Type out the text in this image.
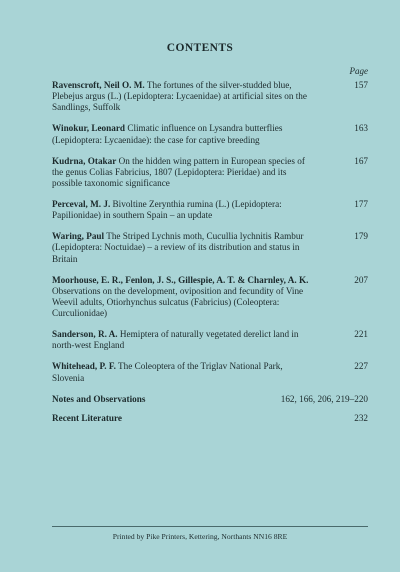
CONTENTS
Page
Ravenscroft, Neil O. M. The fortunes of the silver-studded blue, Plebejus argus (L.) (Lepidoptera: Lycaenidae) at artificial sites on the Sandlings, Suffolk
157
Winokur, Leonard Climatic influence on Lysandra butterflies (Lepidoptera: Lycaenidae): the case for captive breeding
163
Kudrna, Otakar On the hidden wing pattern in European species of the genus Colias Fabricius, 1807 (Lepidoptera: Pieridae) and its possible taxonomic significance
167
Perceval, M. J. Bivoltine Zerynthia rumina (L.) (Lepidoptera: Papilionidae) in southern Spain – an update
177
Waring, Paul The Striped Lychnis moth, Cucullia lychnitis Rambur (Lepidoptera: Noctuidae) – a review of its distribution and status in Britain
179
Moorhouse, E. R., Fenlon, J. S., Gillespie, A. T. & Charnley, A. K. Observations on the development, oviposition and fecundity of Vine Weevil adults, Otiorhynchus sulcatus (Fabricius) (Coleoptera: Curculionidae)
207
Sanderson, R. A. Hemiptera of naturally vegetated derelict land in north-west England
221
Whitehead, P. F. The Coleoptera of the Triglav National Park, Slovenia
227
Notes and Observations	162, 166, 206, 219–220
Recent Literature	232
Printed by Pike Printers, Kettering, Northants NN16 8RE
